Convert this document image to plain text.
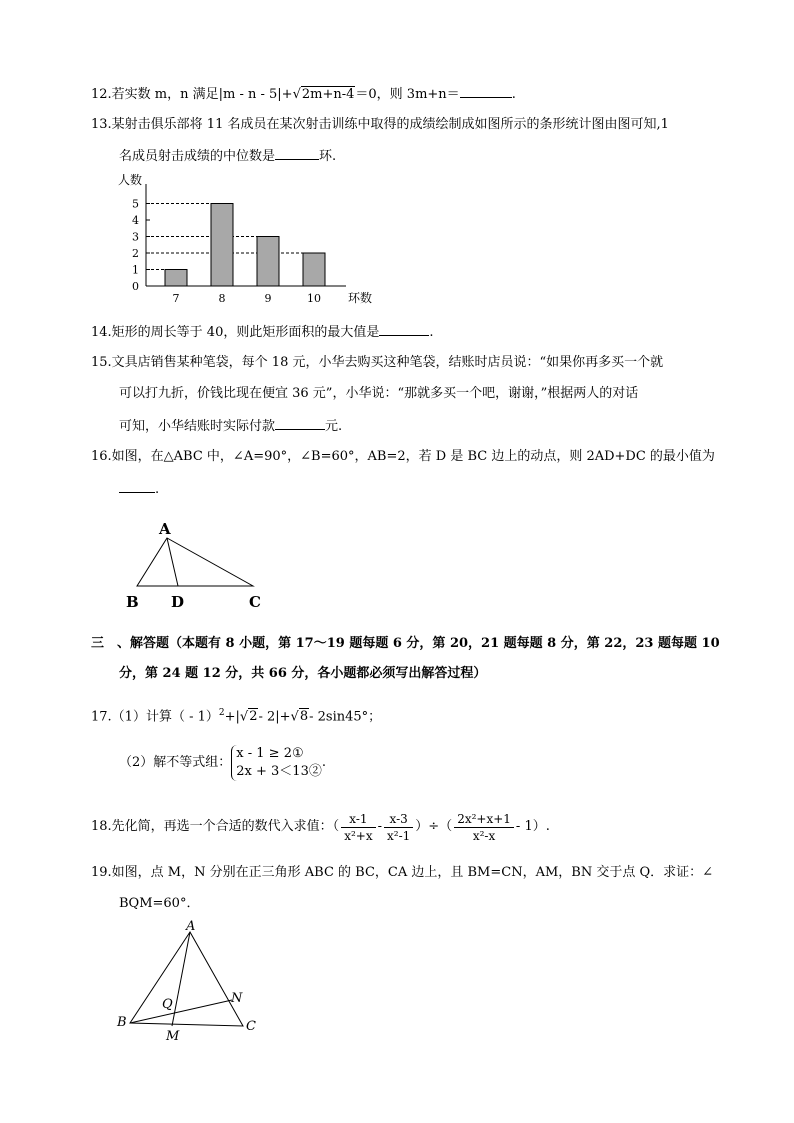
12.若实数 m，n 满足|m - n - 5|+√2m+n-4＝0，则 3m+n＝	.
13.某射击俱乐部将 11 名成员在某次射击训练中取得的成绩绘制成如图所示的条形统计图由图可知,1
名成员射击成绩的中位数是	环.
人数
环数
0
1
2
3
4
5
7	8	9	10
14.矩形的周长等于 40，则此矩形面积的最大值是	.
15.文具店销售某种笔袋，每个 18 元，小华去购买这种笔袋，结账时店员说：“如果你再多买一个就
可以打九折，价钱比现在便宜 36 元”，小华说：“那就多买一个吧，谢谢，”根据两人的对话
可知，小华结账时实际付款	元.
16.如图，在△ABC 中，∠A=90°，∠B=60°，AB=2，若 D 是 BC 边上的动点，则 2AD+DC 的最小值为
.
A
B D	C
三　、解答题（本题有 8 小题，第 17～19 题每题 6 分，第 20，21 题每题 8 分，第 22，23 题每题 10
分，第 24 题 12 分，共 66 分，各小题都必须写出解答过程）
17.（1）计算（ - 1）$^2$+|√2- 2|+√8- 2sin45°；
（2）解不等式组：
x - 1 ≥ 2①
2x + 3＜13②
.
18.先化简，再选一个合适的数代入求值：（ $\frac{x-1}{\text{x²+x}} - \frac{x-3}{\text{x²-1}}$ ）÷（ $\frac{\text{2x²+x+1}}{\text{x²-x}} - 1$）.
19.如图，点 M，N 分别在正三角形 ABC 的 BC，CA 边上，且 BM=CN，AM，BN 交于点 Q．求证：∠
BQM=60°．
A
B	C
M
N
Q
